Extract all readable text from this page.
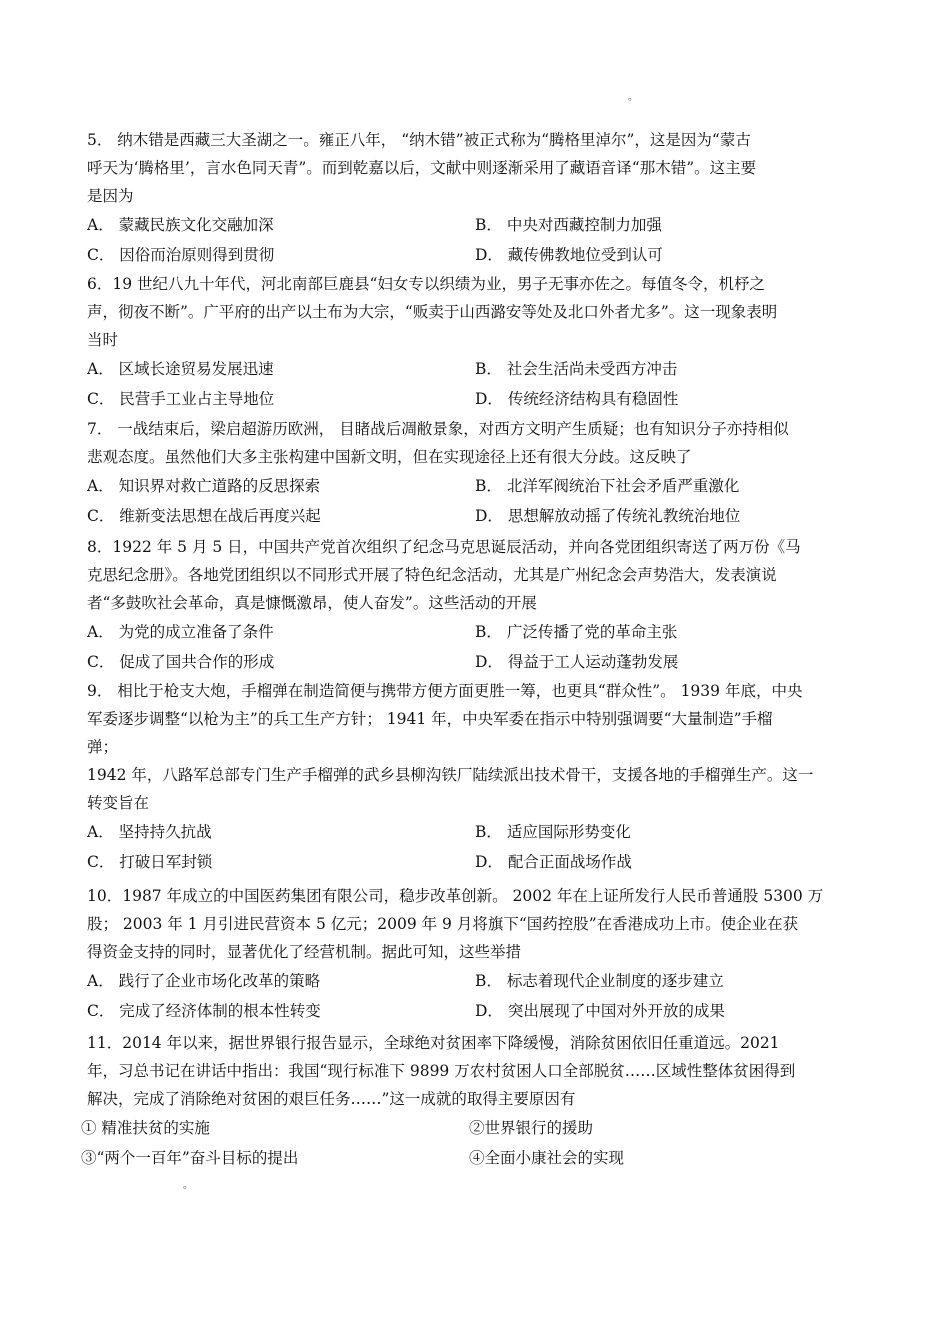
。
5． 纳木错是西藏三大圣湖之一。雍正八年， “纳木错”被正式称为“腾格里淖尔”，这是因为“蒙古
呼天为‘腾格里’，言水色同天青”。而到乾嘉以后，文献中则逐渐采用了藏语音译“那木错”。这主要
是因为
A． 蒙藏民族文化交融加深	B． 中央对西藏控制力加强
C． 因俗而治原则得到贯彻	D． 藏传佛教地位受到认可
6．19 世纪八九十年代，河北南部巨鹿县“妇女专以织绩为业，男子无事亦佐之。每值冬令，机杼之
声，彻夜不断”。广平府的出产以土布为大宗，“贩卖于山西潞安等处及北口外者尤多”。这一现象表明
当时
A． 区域长途贸易发展迅速	B． 社会生活尚未受西方冲击
C． 民营手工业占主导地位	D． 传统经济结构具有稳固性
7． 一战结束后，梁启超游历欧洲， 目睹战后凋敝景象，对西方文明产生质疑；也有知识分子亦持相似
悲观态度。虽然他们大多主张构建中国新文明，但在实现途径上还有很大分歧。这反映了
A． 知识界对救亡道路的反思探索	B． 北洋军阀统治下社会矛盾严重激化
C． 维新变法思想在战后再度兴起	D． 思想解放动摇了传统礼教统治地位
8．1922 年 5 月 5 日，中国共产党首次组织了纪念马克思诞辰活动，并向各党团组织寄送了两万份《马
克思纪念册》。各地党团组织以不同形式开展了特色纪念活动，尤其是广州纪念会声势浩大，发表演说
者“多鼓吹社会革命，真是慷慨激昂，使人奋发”。这些活动的开展
A． 为党的成立准备了条件	B． 广泛传播了党的革命主张
C． 促成了国共合作的形成	D． 得益于工人运动蓬勃发展
9． 相比于枪支大炮，手榴弹在制造简便与携带方便方面更胜一筹，也更具“群众性”。 1939 年底，中央
军委逐步调整“以枪为主”的兵工生产方针； 1941 年，中央军委在指示中特别强调要“大量制造”手榴
弹；
1942 年，八路军总部专门生产手榴弹的武乡县柳沟铁厂陆续派出技术骨干，支援各地的手榴弹生产。这一
转变旨在
A． 坚持持久抗战	B． 适应国际形势变化
C． 打破日军封锁	D． 配合正面战场作战
10．1987 年成立的中国医药集团有限公司，稳步改革创新。 2002 年在上证所发行人民币普通股 5300 万
股； 2003 年 1 月引进民营资本 5 亿元；2009 年 9 月将旗下“国药控股”在香港成功上市。使企业在获
得资金支持的同时，显著优化了经营机制。据此可知，这些举措
A． 践行了企业市场化改革的策略	B． 标志着现代企业制度的逐步建立
C． 完成了经济体制的根本性转变	D． 突出展现了中国对外开放的成果
11．2014 年以来，据世界银行报告显示，全球绝对贫困率下降缓慢，消除贫困依旧任重道远。2021
年，习总书记在讲话中指出：我国“现行标准下 9899 万农村贫困人口全部脱贫……区域性整体贫困得到
解决，完成了消除绝对贫困的艰巨任务……”这一成就的取得主要原因有
① 精准扶贫的实施	②世界银行的援助
③“两个一百年”奋斗目标的提出	④全面小康社会的实现
。
